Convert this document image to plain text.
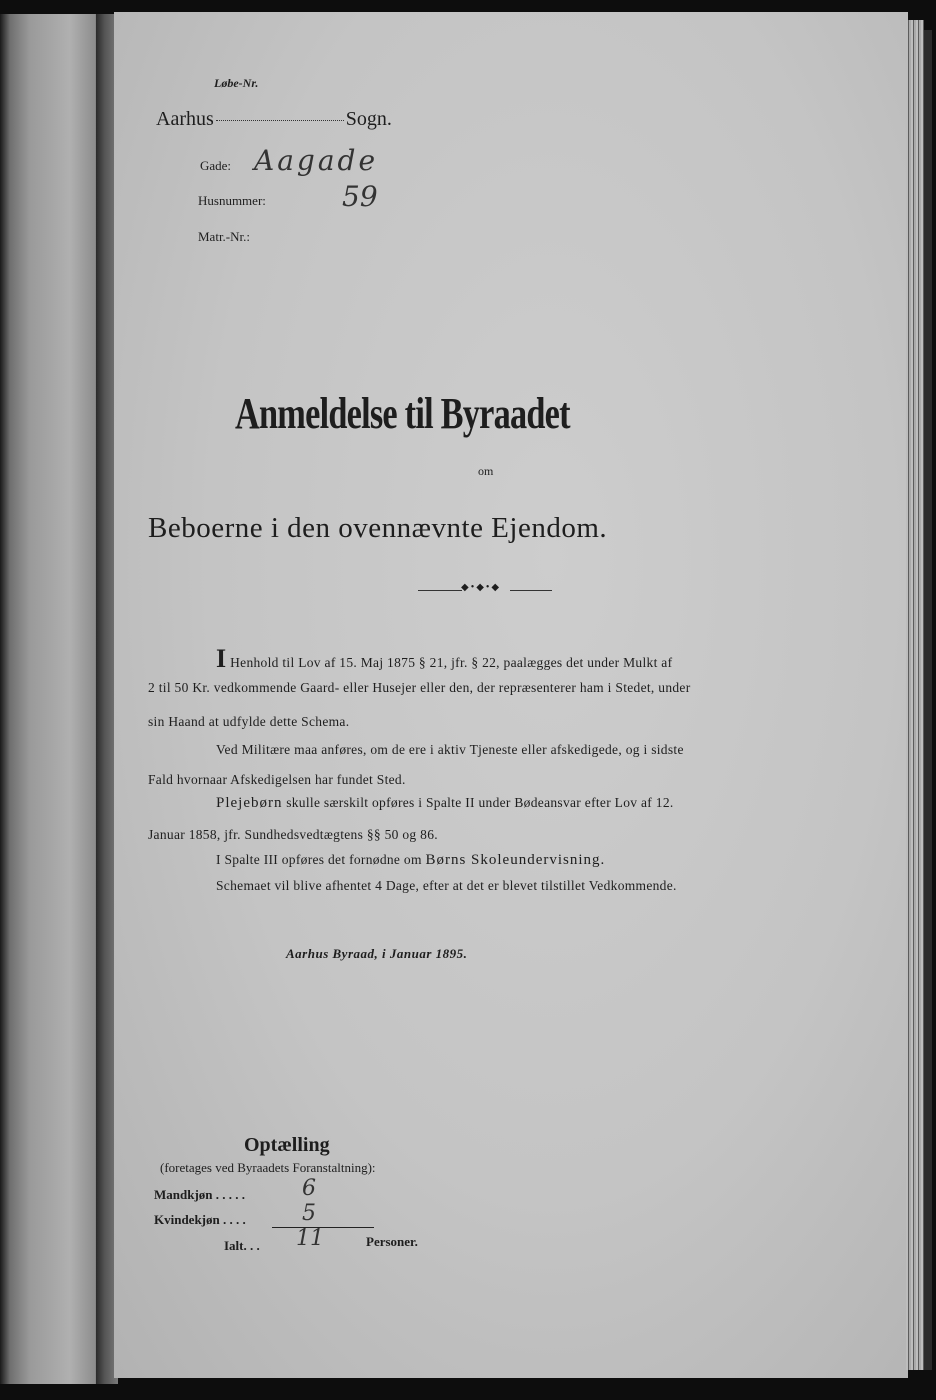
Løbe-Nr.
Aarhus	Sogn.
Gade: Aagade
Husnummer:	59
Matr.-Nr.:
Anmeldelse til Byraadet
om
Beboerne i den ovennævnte Ejendom.
◆•◆•◆
I Henhold til Lov af 15. Maj 1875 § 21, jfr. § 22, paalægges det under Mulkt af
2 til 50 Kr. vedkommende Gaard- eller Husejer eller den, der repræsenterer ham i Stedet, under
sin Haand at udfylde dette Schema.
Ved Militære maa anføres, om de ere i aktiv Tjeneste eller afskedigede, og i sidste
Fald hvornaar Afskedigelsen har fundet Sted.
Plejebørn skulle særskilt opføres i Spalte II under Bødeansvar efter Lov af 12.
Januar 1858, jfr. Sundhedsvedtægtens §§ 50 og 86.
I Spalte III opføres det fornødne om Børns Skoleundervisning.
Schemaet vil blive afhentet 4 Dage, efter at det er blevet tilstillet Vedkommende.
Aarhus Byraad, i Januar 1895.
Optælling
(foretages ved Byraadets Foranstaltning):
Mandkjøn . . . . .	6
Kvindekjøn . . . .	5
Ialt. . . 11	Personer.
